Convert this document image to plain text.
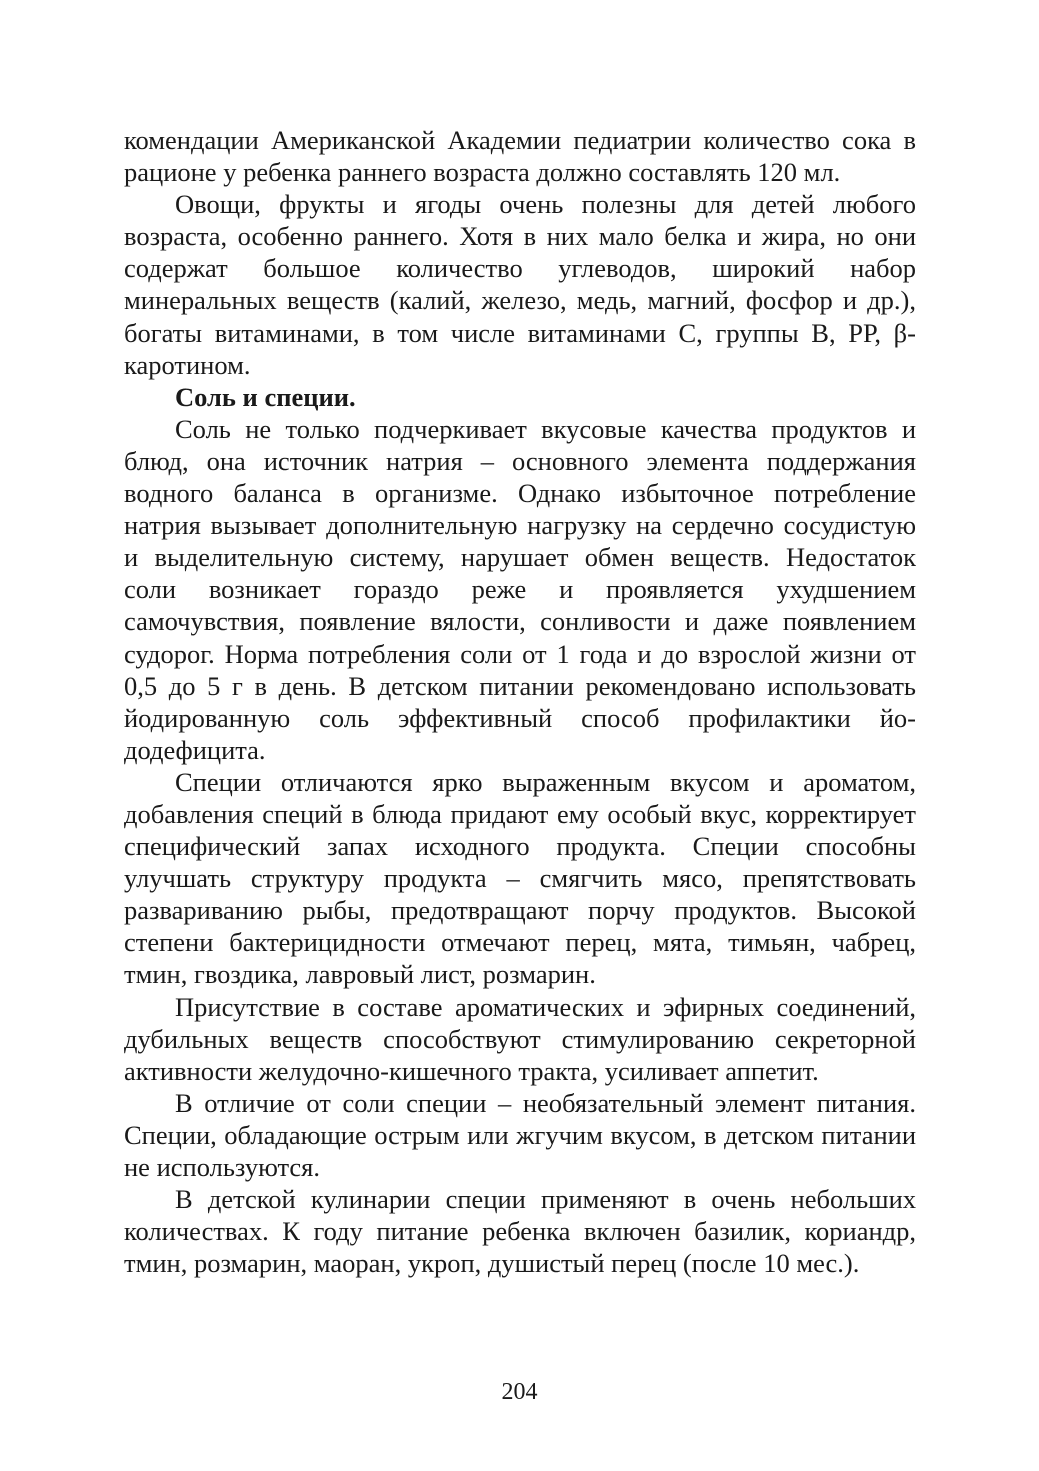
комендации Американской Академии педиатрии количество сока в рационе у ребенка раннего возраста должно составлять 120 мл.

Овощи, фрукты и ягоды очень полезны для детей любого возраста, особенно раннего. Хотя в них мало белка и жира, но они содержат большое количество углеводов, широкий набор минеральных веществ (калий, железо, медь, магний, фосфор и др.), богаты витаминами, в том числе витаминами С, группы В, РР, β-каротином.

Соль и специи.

Соль не только подчеркивает вкусовые качества продуктов и блюд, она источник натрия – основного элемента поддержания водного баланса в организме. Однако избыточное потребление натрия вызывает дополнительную нагрузку на сердечно сосудистую и выделительную систему, нарушает обмен веществ. Недостаток соли возникает гораздо реже и проявляется ухудшением самочувствия, появление вялости, сонливости и даже появлением судорог. Норма потребления соли от 1 года и до взрослой жизни от 0,5 до 5 г в день. В детском питании рекомендовано использовать йодированную соль эффективный способ профилактики йододефицита.

Специи отличаются ярко выраженным вкусом и ароматом, добавления специй в блюда придают ему особый вкус, корректирует специфический запах исходного продукта. Специи способны улучшать структуру продукта – смягчить мясо, препятствовать развариванию рыбы, предотвращают порчу продуктов. Высокой степени бактерицидности отмечают перец, мята, тимьян, чабрец, тмин, гвоздика, лавровый лист, розмарин.

Присутствие в составе ароматических и эфирных соединений, дубильных веществ способствуют стимулированию секреторной активности желудочно-кишечного тракта, усиливает аппетит.

В отличие от соли специи – необязательный элемент питания. Специи, обладающие острым или жгучим вкусом, в детском питании не используются.

В детской кулинарии специи применяют в очень небольших количествах. К году питание ребенка включен базилик, кориандр, тмин, розмарин, маоран, укроп, душистый перец (после 10 мес.).

204
